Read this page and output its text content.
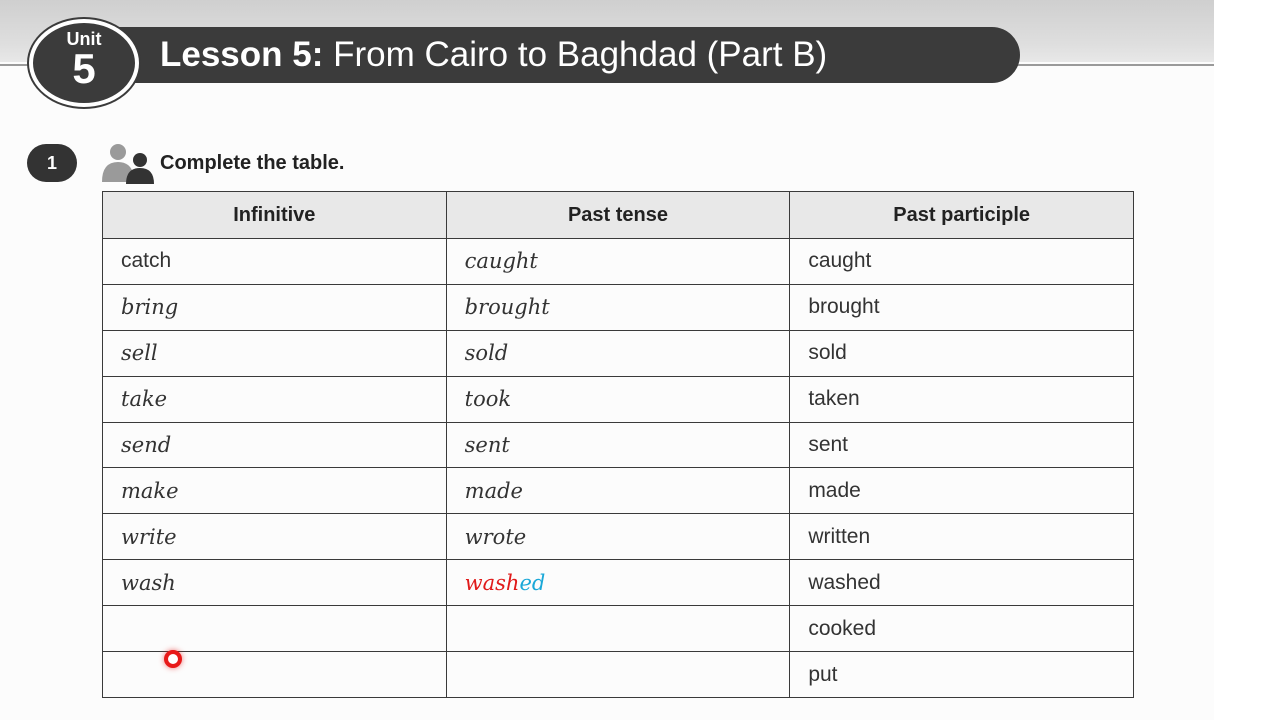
Lesson 5: From Cairo to Baghdad (Part B)
Unit
5
1	Complete the table.
Infinitive	Past tense	Past participle
catch	caught	caught
bring	brought	brought
sell	sold	sold
take	took	taken
send	sent	sent
make	made	made
write	wrote	written
wash	washed	washed
		cooked
		put
